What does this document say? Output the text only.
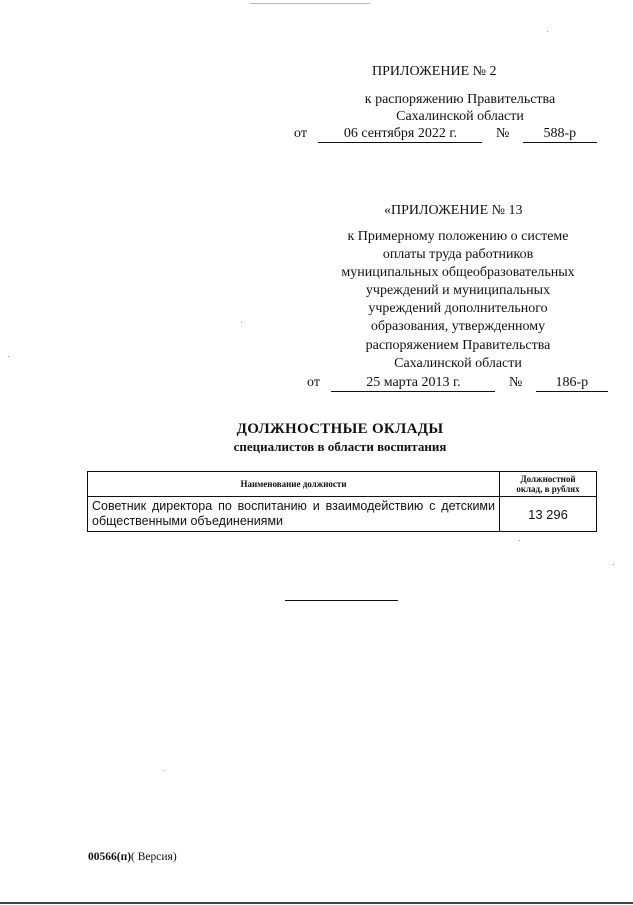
ПРИЛОЖЕНИЕ № 2
к распоряжению Правительства
Сахалинской области
от	06 сентября 2022 г.	№ 588-р
«ПРИЛОЖЕНИЕ № 13
к Примерному положению о системе
оплаты труда работников
муниципальных общеобразовательных
учреждений и муниципальных
учреждений дополнительного
образования, утвержденному
распоряжением Правительства
Сахалинской области
от	25 марта 2013 г.	№ 186-р
ДОЛЖНОСТНЫЕ ОКЛАДЫ
специалистов в области воспитания
Наименование должности	Должностной
оклад, в рублях

Советник директора по воспитанию и взаимодействию с детскими общественными объединениями	13 296
00566(п)( Версия)
